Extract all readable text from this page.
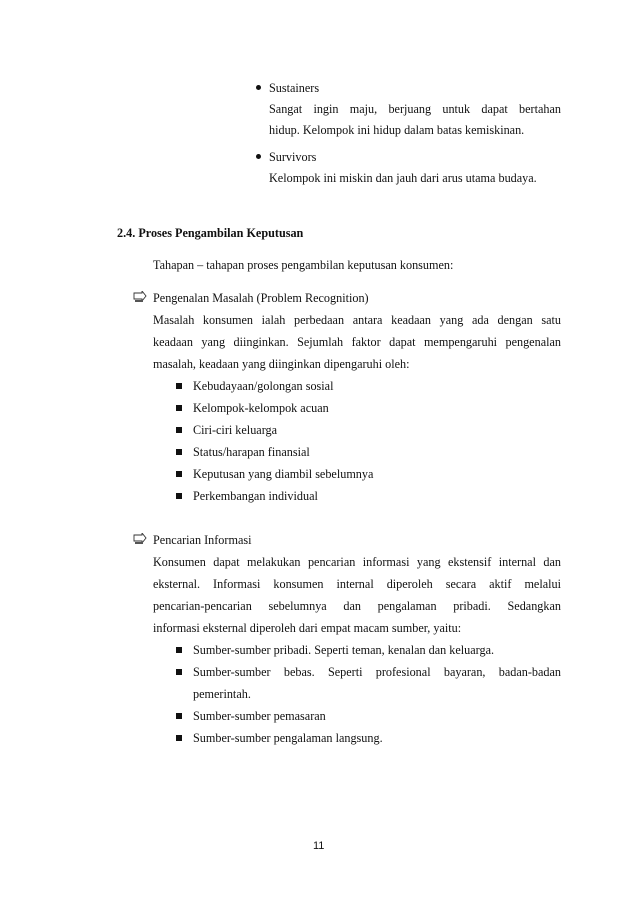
Sustainers
Sangat ingin maju, berjuang untuk dapat bertahan
hidup. Kelompok ini hidup dalam batas kemiskinan.
Survivors
Kelompok ini miskin dan jauh dari arus utama budaya.
2.4. Proses Pengambilan Keputusan
Tahapan – tahapan proses pengambilan keputusan konsumen:
Pengenalan Masalah (Problem Recognition)
Masalah konsumen ialah perbedaan antara keadaan yang ada dengan satu
keadaan yang diinginkan. Sejumlah faktor dapat mempengaruhi pengenalan
masalah, keadaan yang diinginkan dipengaruhi oleh:
Kebudayaan/golongan sosial
Kelompok-kelompok acuan
Ciri-ciri keluarga
Status/harapan finansial
Keputusan yang diambil sebelumnya
Perkembangan individual
Pencarian Informasi
Konsumen dapat melakukan pencarian informasi yang ekstensif internal dan
eksternal. Informasi konsumen internal diperoleh secara aktif melalui
pencarian-pencarian sebelumnya dan pengalaman pribadi. Sedangkan
informasi eksternal diperoleh dari empat macam sumber, yaitu:
Sumber-sumber pribadi. Seperti teman, kenalan dan keluarga.
Sumber-sumber bebas. Seperti profesional bayaran, badan-badan
pemerintah.
Sumber-sumber pemasaran
Sumber-sumber pengalaman langsung.
11
